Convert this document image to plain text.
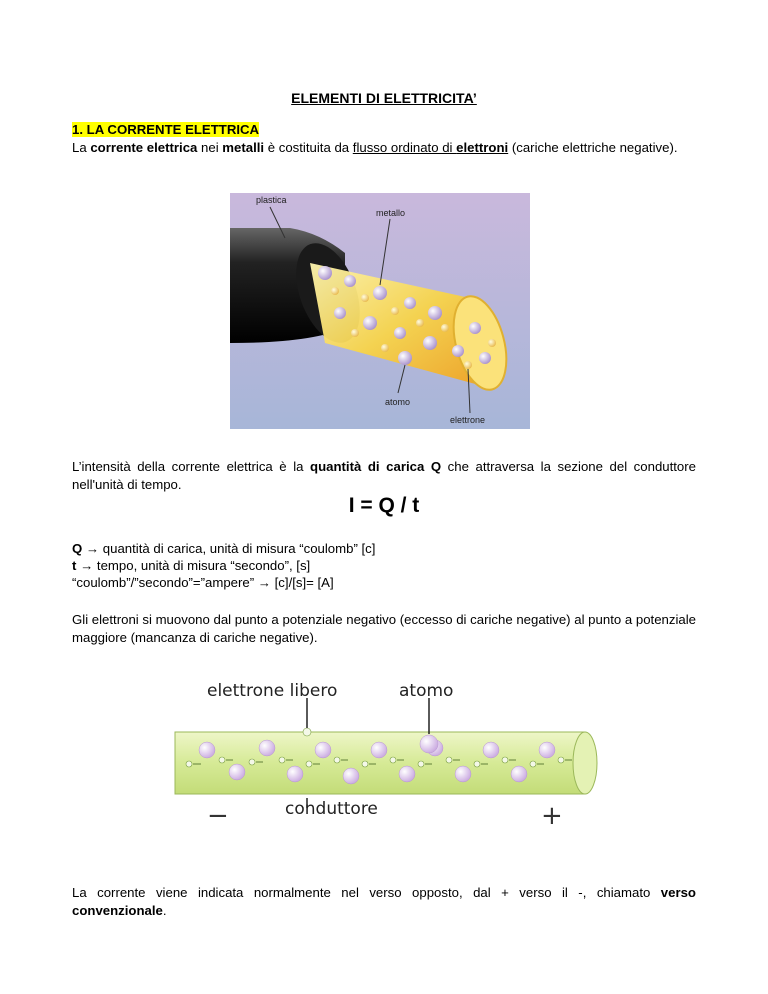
ELEMENTI DI ELETTRICITA’
1. LA CORRENTE ELETTRICA
La corrente elettrica nei metalli è costituita da flusso ordinato di elettroni (cariche elettriche negative).
plastica
metallo
atomo
elettrone
L’intensità della corrente elettrica è la quantità di carica Q che attraversa la sezione del conduttore nell'unità di tempo.
I = Q / t
Q → quantità di carica, unità di misura “coulomb” [c]
t → tempo, unità di misura “secondo”, [s]
“coulomb”/”secondo”=”ampere” → [c]/[s]= [A]
Gli elettroni si muovono dal punto a potenziale negativo (eccesso di cariche negative) al punto a potenziale maggiore (mancanza di cariche negative).
elettrone libero	atomo
conduttore
−	+
La corrente viene indicata normalmente nel verso opposto, dal + verso il -, chiamato verso convenzionale.
